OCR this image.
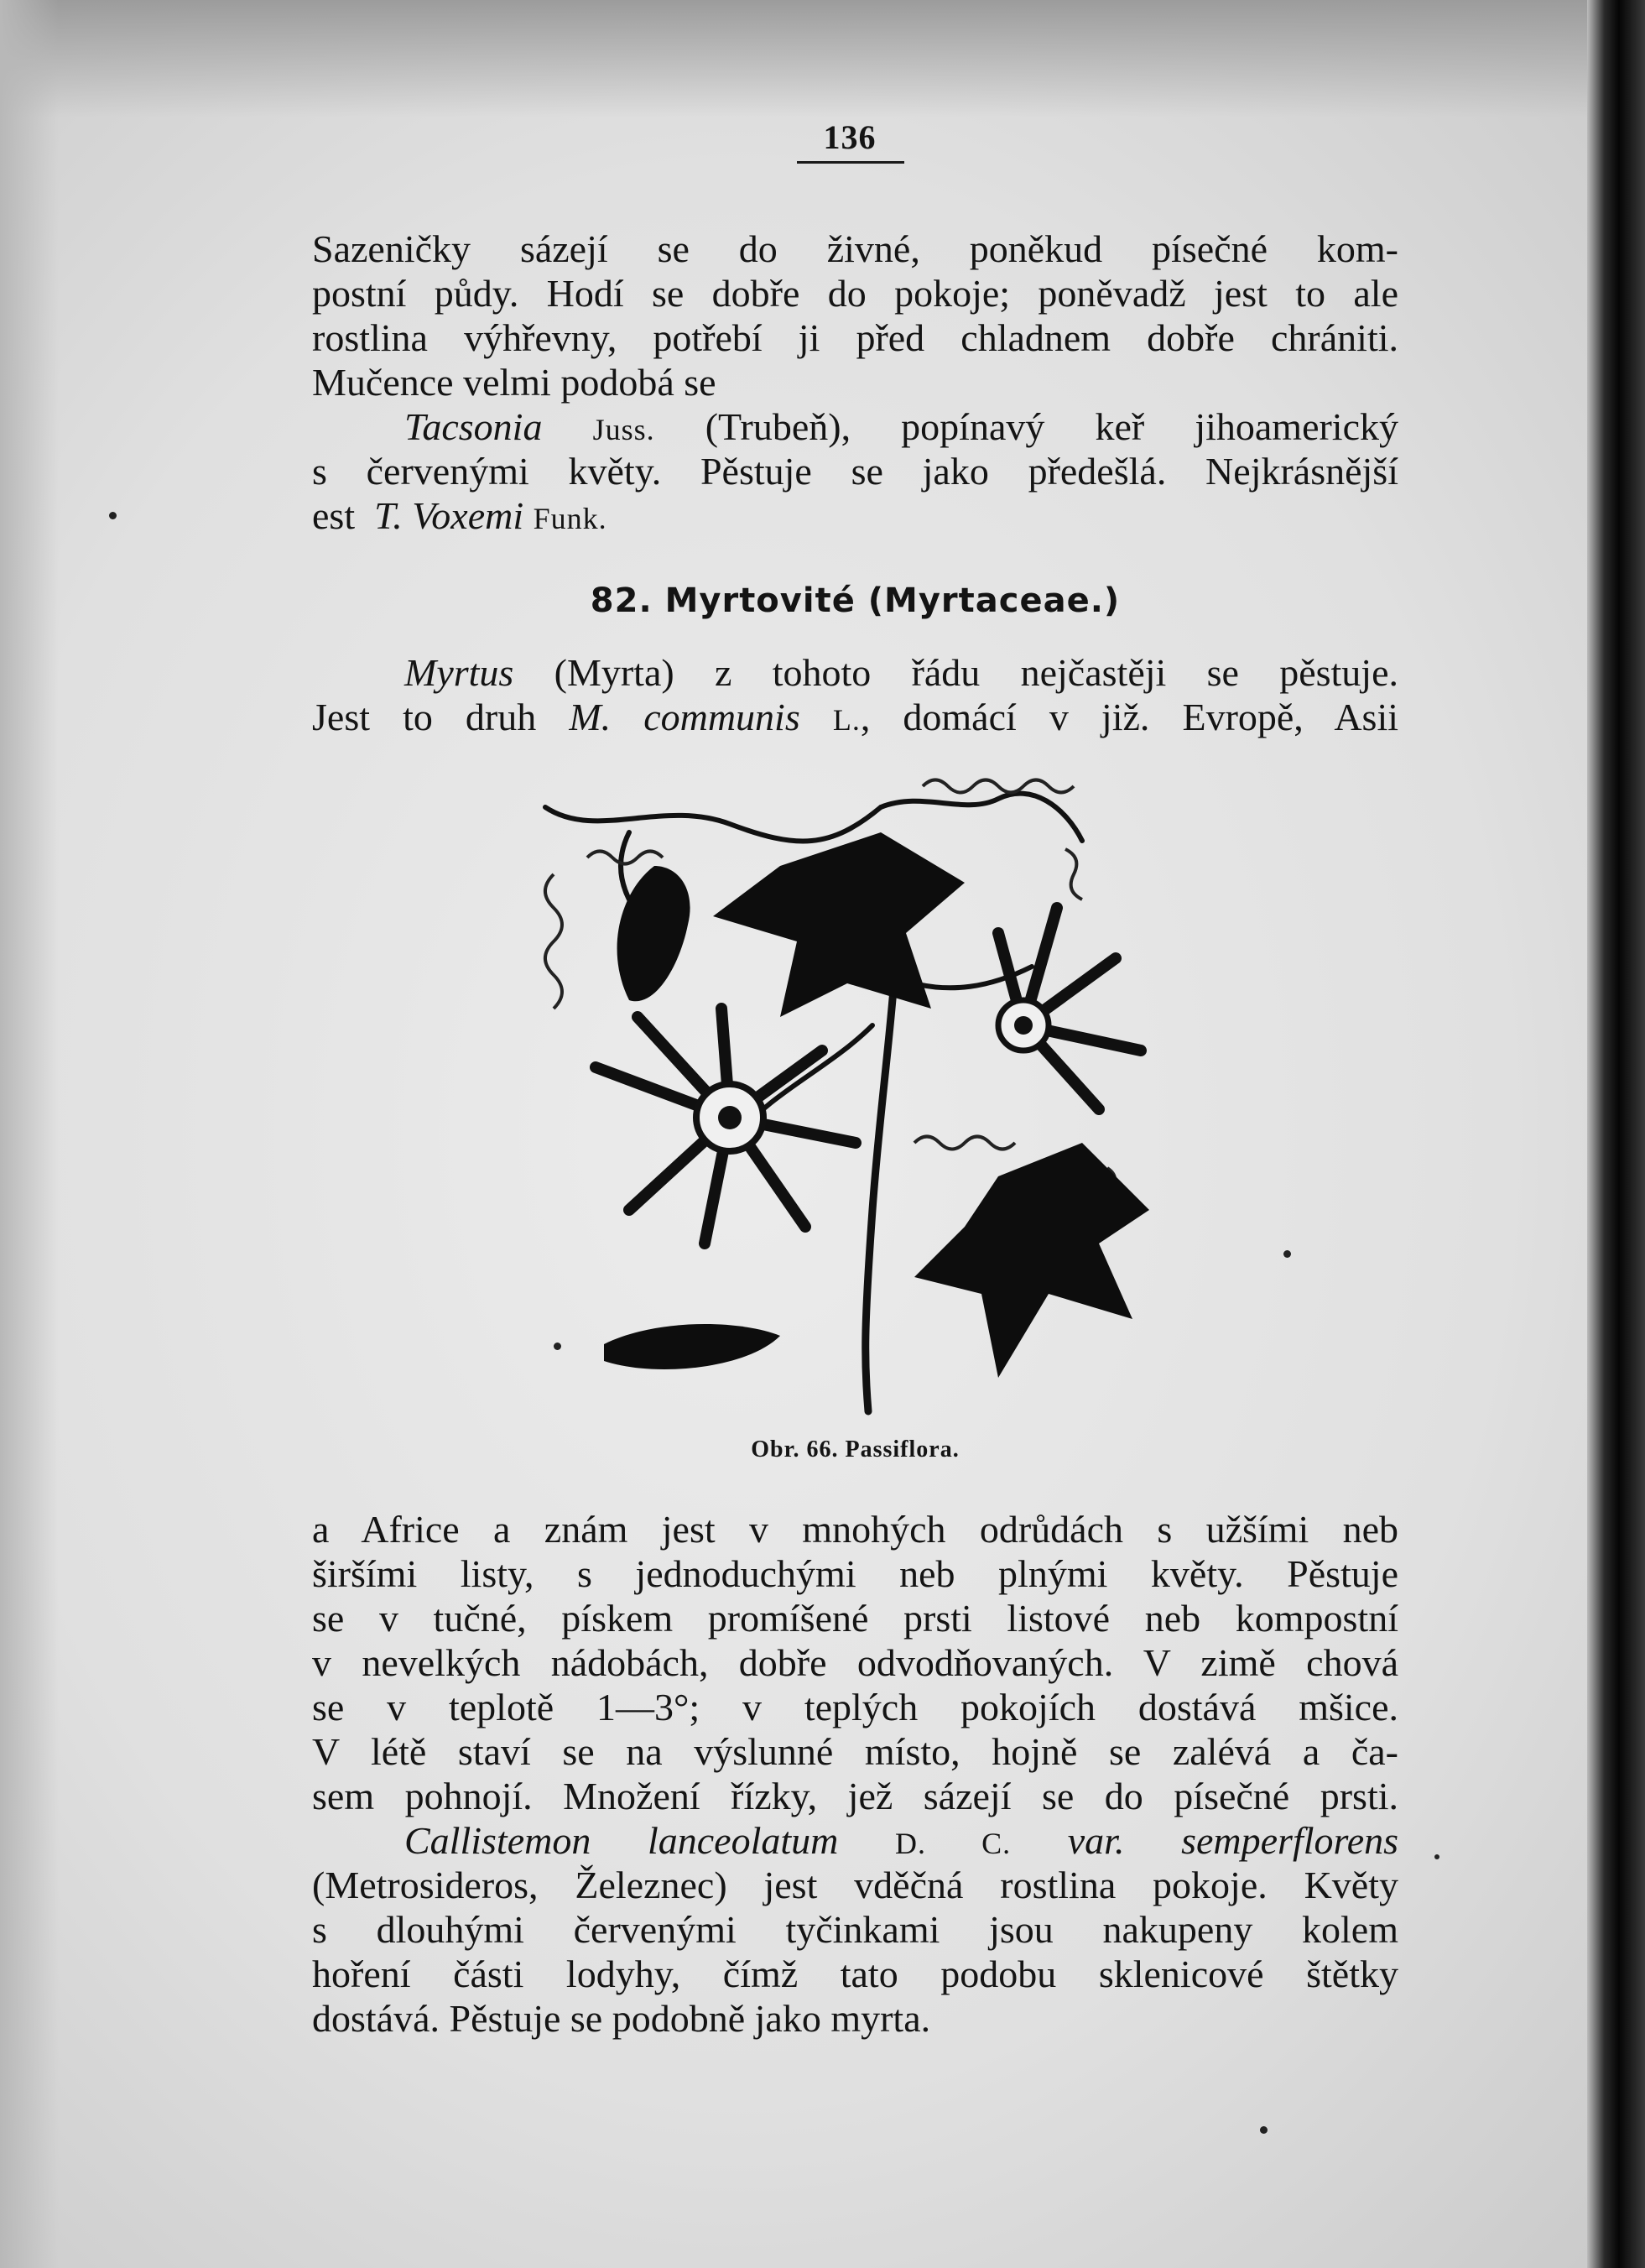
136
Sazeničky sázejí se do živné, poněkud písečné kom-
postní půdy. Hodí se dobře do pokoje; poněvadž jest to ale
rostlina výhřevny, potřebí ji před chladnem dobře chrániti.
Mučence velmi podobá se
Tacsonia Juss. (Trubeň), popínavý keř jihoamerický
s červenými květy. Pěstuje se jako předešlá. Nejkrásnější
est T. Voxemi Funk.
82. Myrtovité (Myrtaceae.)
Myrtus (Myrta) z tohoto řádu nejčastěji se pěstuje.
Jest to druh M. communis L., domácí v již. Evropě, Asii
Obr. 66. Passiflora.
a Africe a znám jest v mnohých odrůdách s užšími neb
širšími listy, s jednoduchými neb plnými květy. Pěstuje
se v tučné, pískem promíšené prsti listové neb kompostní
v nevelkých nádobách, dobře odvodňovaných. V zimě chová
se v teplotě 1—3°; v teplých pokojích dostává mšice.
V létě staví se na výslunné místo, hojně se zalévá a ča-
sem pohnojí. Množení řízky, jež sázejí se do písečné prsti.
Callistemon lanceolatum D. C. var. semperflorens
(Metrosideros, Železnec) jest vděčná rostlina pokoje. Květy
s dlouhými červenými tyčinkami jsou nakupeny kolem
hoření části lodyhy, čímž tato podobu sklenicové štětky
dostává. Pěstuje se podobně jako myrta.
